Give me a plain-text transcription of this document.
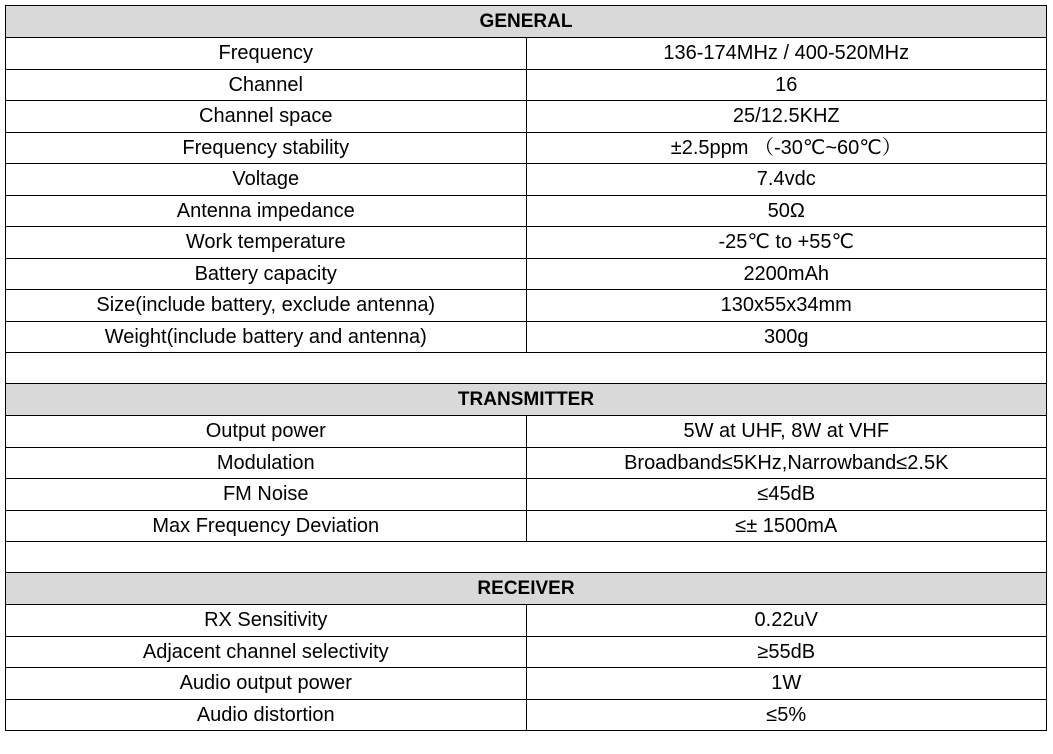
GENERAL	
Frequency	136-174MHz / 400-520MHz
Channel	16
Channel space	25/12.5KHZ
Frequency stability	±2.5ppm （-30℃~60℃）
Voltage	7.4vdc
Antenna impedance	50Ω
Work temperature	-25℃ to +55℃
Battery capacity	2200mAh
Size(include battery, exclude antenna)	130x55x34mm
Weight(include battery and antenna)	300g

TRANSMITTER	
Output power	5W at UHF, 8W at VHF
Modulation	Broadband≤5KHz,Narrowband≤2.5K
FM Noise	≤45dB
Max Frequency Deviation	≤± 1500mA

RECEIVER	
RX Sensitivity	0.22uV
Adjacent channel selectivity	≥55dB
Audio output power	1W
Audio distortion	≤5%
